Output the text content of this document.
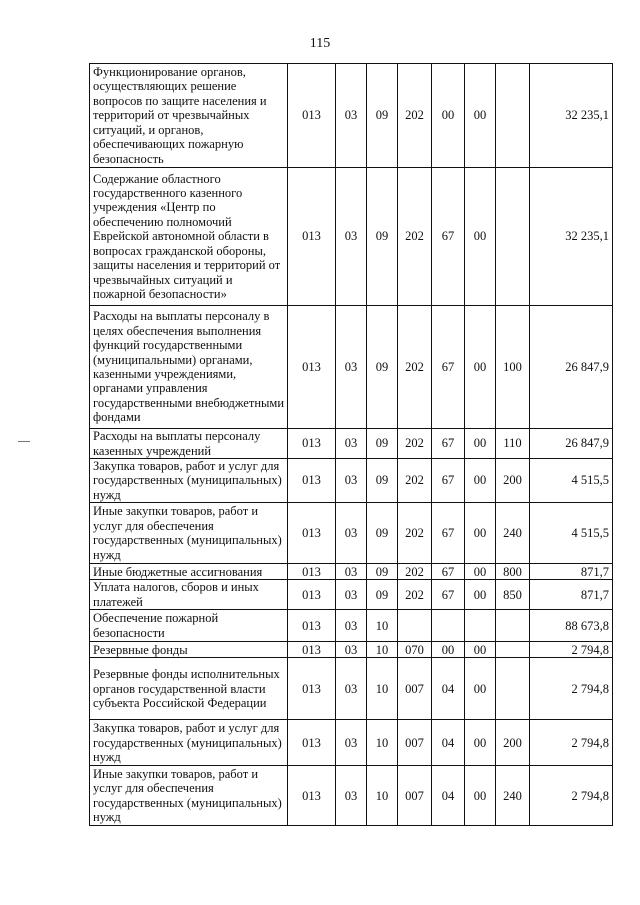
115
Функционирование органов, осуществляющих решение вопросов по защите населения и территорий от чрезвычайных ситуаций, и органов, обеспечивающих пожарную безопасность	013	03	09	202	00	00		32 235,1
Содержание областного государственного казенного учреждения «Центр по обеспечению полномочий Еврейской автономной области в вопросах гражданской обороны, защиты населения и территорий от чрезвычайных ситуаций и пожарной безопасности»	013	03	09	202	67	00		32 235,1
Расходы на выплаты персоналу в целях обеспечения выполнения функций государственными (муниципальными) органами, казенными учреждениями, органами управления государственными внебюджетными фондами	013	03	09	202	67	00	100	26 847,9
Расходы на выплаты персоналу казенных учреждений	013	03	09	202	67	00	110	26 847,9
Закупка товаров, работ и услуг для государственных (муниципальных) нужд	013	03	09	202	67	00	200	4 515,5
Иные закупки товаров, работ и услуг для обеспечения государственных (муниципальных) нужд	013	03	09	202	67	00	240	4 515,5
Иные бюджетные ассигнования	013	03	09	202	67	00	800	871,7
Уплата налогов, сборов и иных платежей	013	03	09	202	67	00	850	871,7
Обеспечение пожарной безопасности	013	03	10					88 673,8
Резервные фонды	013	03	10	070	00	00		2 794,8
Резервные фонды исполнительных органов государственной власти субъекта Российской Федерации	013	03	10	007	04	00		2 794,8
Закупка товаров, работ и услуг для государственных (муниципальных) нужд	013	03	10	007	04	00	200	2 794,8
Иные закупки товаров, работ и услуг для обеспечения государственных (муниципальных) нужд	013	03	10	007	04	00	240	2 794,8
